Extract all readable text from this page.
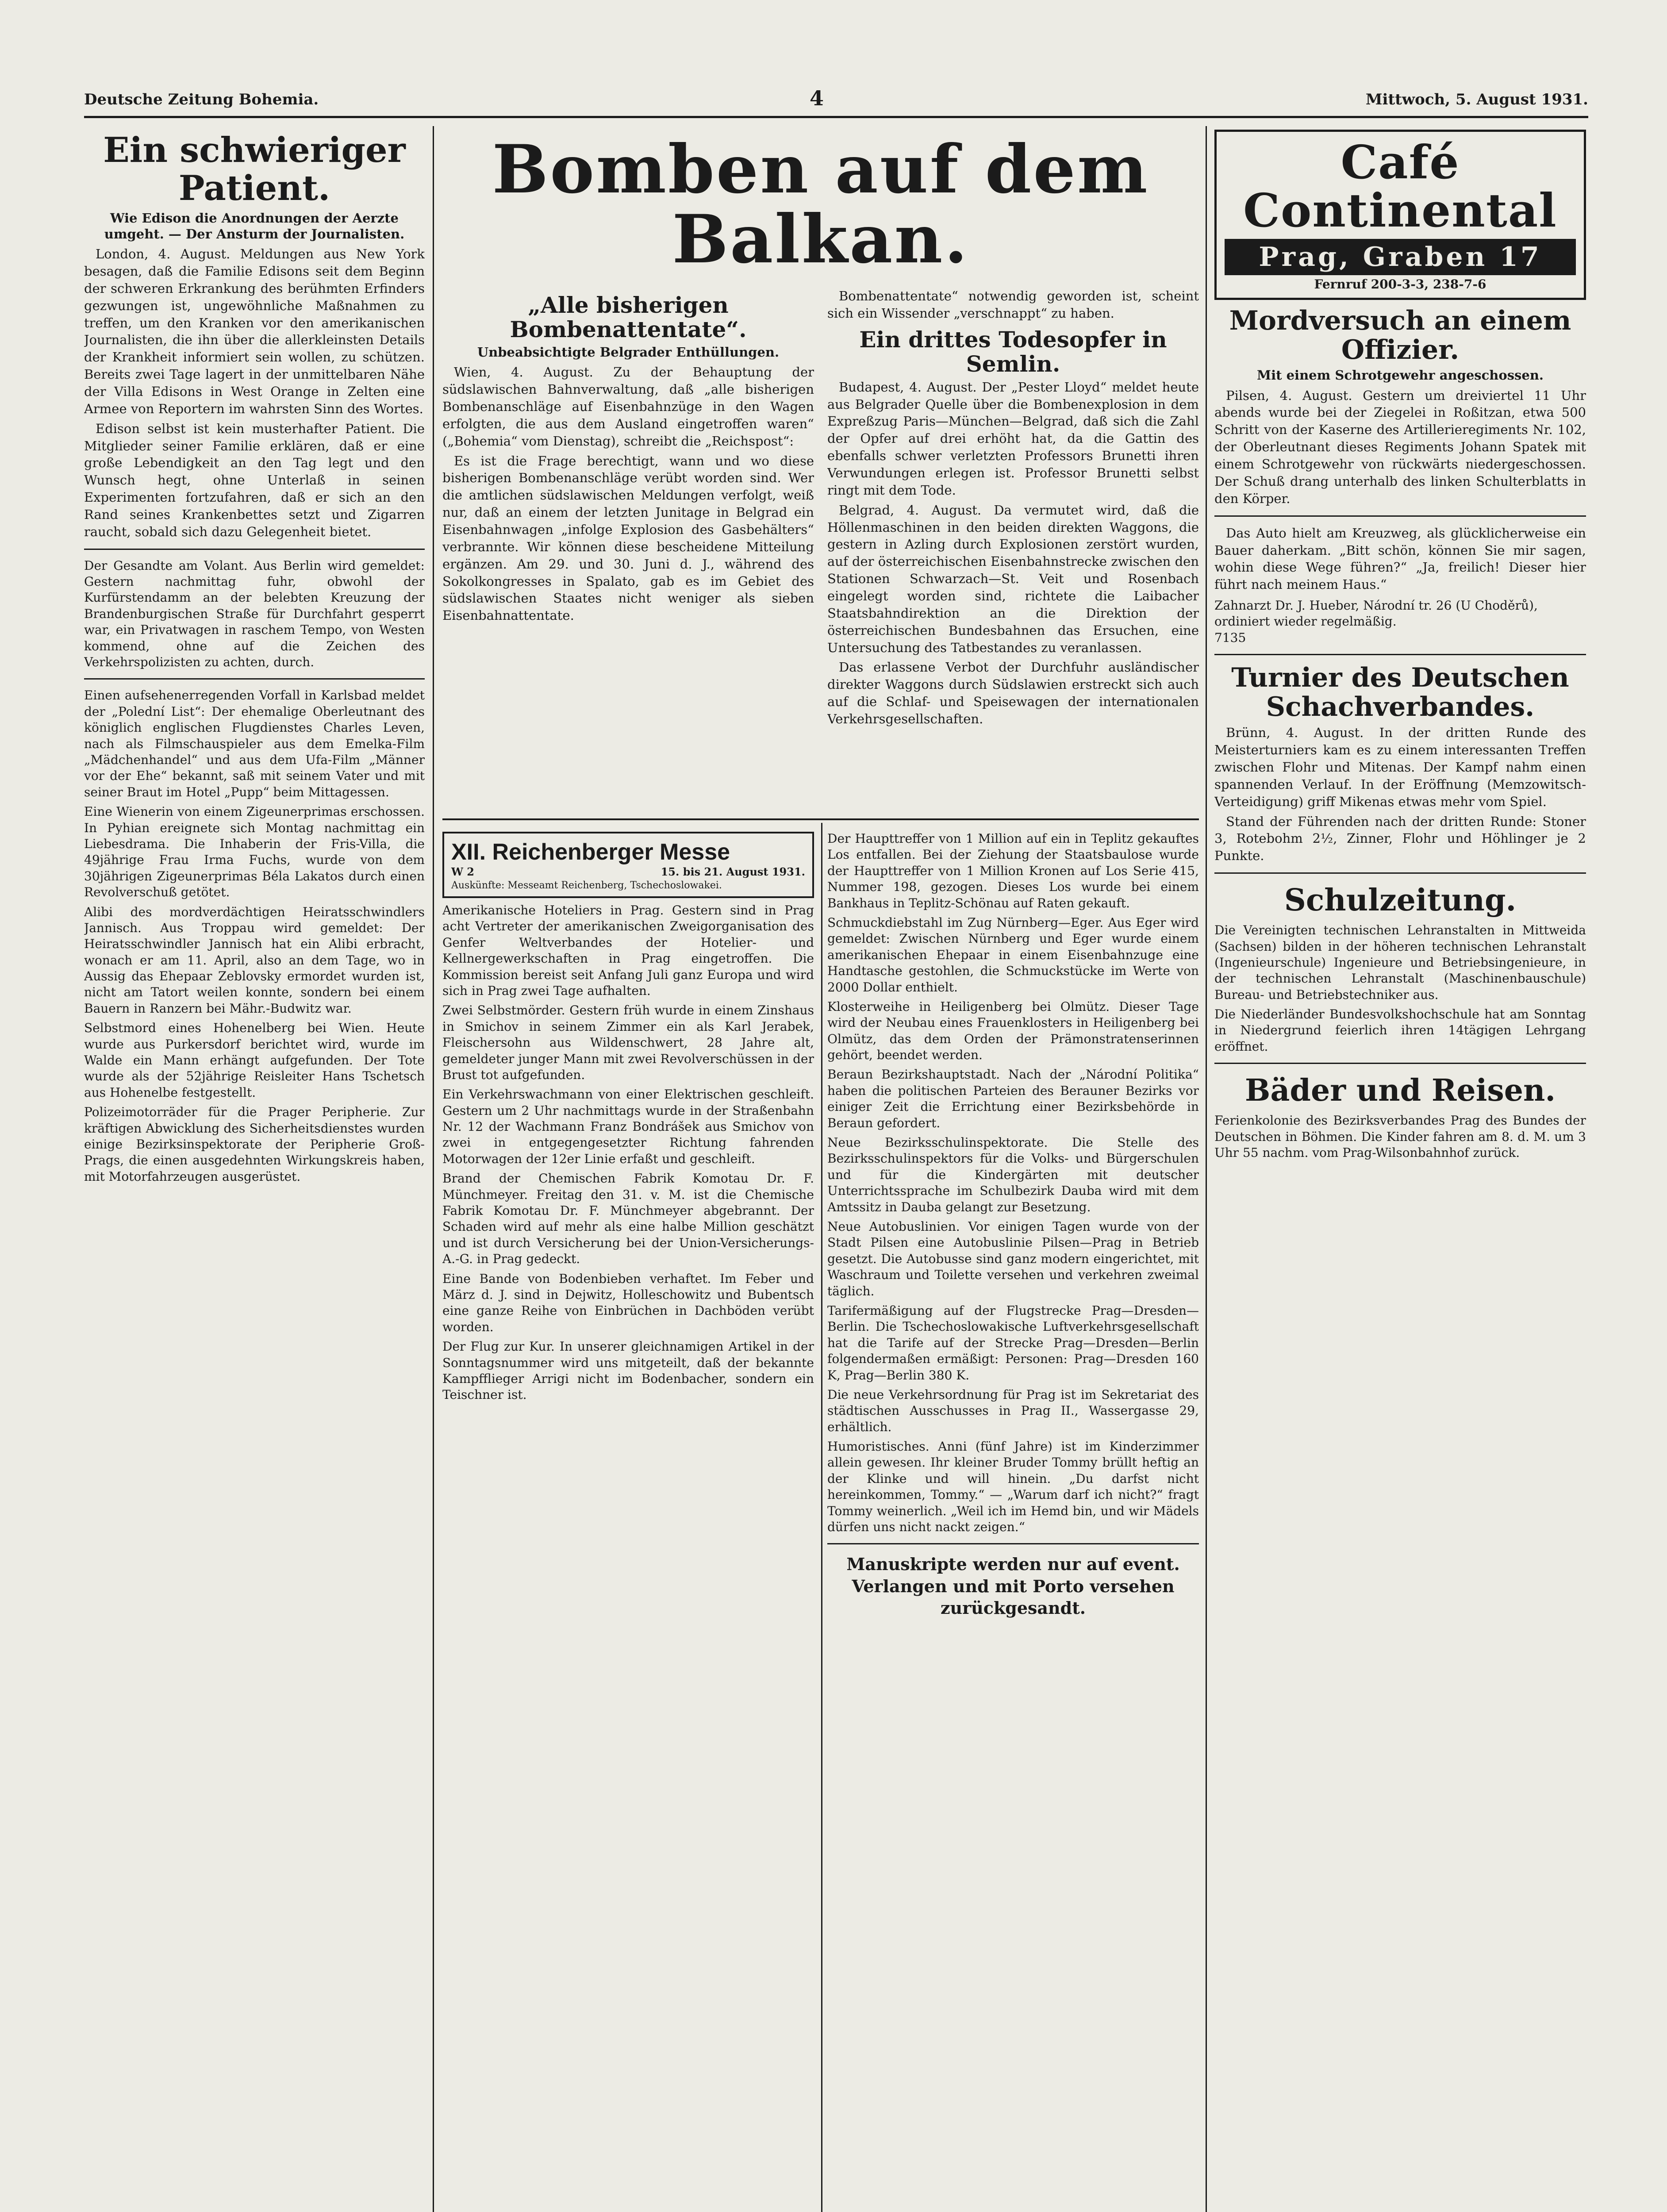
Deutsche Zeitung Bohemia.	4	Mittwoch, 5. August 1931.
Ein schwieriger Patient.
Wie Edison die Anordnungen der Aerzte umgeht. — Der Ansturm der Journalisten.

London, 4. August. Meldungen aus New York besagen, daß die Familie Edisons seit dem Beginn der schweren Erkrankung des berühmten Erfinders gezwungen ist, ungewöhnliche Maßnahmen zu treffen, um den Kranken vor den amerikanischen Journalisten, die ihn über die allerkleinsten Details der Krankheit informiert sein wollen, zu schützen. Bereits zwei Tage lagert in der unmittelbaren Nähe der Villa Edisons in West Orange in Zelten eine Armee von Reportern im wahrsten Sinn des Wortes.

Edison selbst ist kein musterhafter Patient. Die Mitglieder seiner Familie erklären, daß er eine große Lebendigkeit an den Tag legt und den Wunsch hegt, ohne Unterlaß in seinen Experimenten fortzufahren, daß er sich an den Rand seines Krankenbettes setzt und Zigarren raucht, sobald sich dazu Gelegenheit bietet.

Der Gesandte am Volant. Aus Berlin wird gemeldet: Gestern nachmittag fuhr, obwohl der Kurfürstendamm an der belebten Kreuzung der Brandenburgischen Straße für Durchfahrt gesperrt war, ein Privatwagen in raschem Tempo, von Westen kommend, ohne auf die Zeichen des Verkehrspolizisten zu achten, durch.

Einen aufsehenerregenden Vorfall in Karlsbad meldet der „Polední List“: Der ehemalige Oberleutnant des königlich englischen Flugdienstes Charles Leven, nach als Filmschauspieler aus dem Emelka-Film „Mädchenhandel“ und aus dem Ufa-Film „Männer vor der Ehe“ bekannt, saß mit seinem Vater und mit seiner Braut im Hotel „Pupp“ beim Mittagessen.

Eine Wienerin von einem Zigeunerprimas erschossen. In Pyhian ereignete sich Montag nachmittag ein Liebesdrama. Die Inhaberin der Fris-Villa, die 49jährige Frau Irma Fuchs, wurde von dem 30jährigen Zigeunerprimas Béla Lakatos durch einen Revolverschuß getötet.

Alibi des mordverdächtigen Heiratsschwindlers Jannisch. Aus Troppau wird gemeldet: Der Heiratsschwindler Jannisch hat ein Alibi erbracht, wonach er am 11. April, also an dem Tage, wo in Aussig das Ehepaar Zeblovsky ermordet wurden ist, nicht am Tatort weilen konnte, sondern bei einem Bauern in Ranzern bei Mähr.-Budwitz war.

Selbstmord eines Hohenelberg bei Wien. Heute wurde aus Purkersdorf berichtet wird, wurde im Walde ein Mann erhängt aufgefunden. Der Tote wurde als der 52jährige Reisleiter Hans Tschetsch aus Hohenelbe festgestellt.

Polizeimotorräder für die Prager Peripherie. Zur kräftigen Abwicklung des Sicherheitsdienstes wurden einige Bezirksinspektorate der Peripherie Groß-Prags, die einen ausgedehnten Wirkungskreis haben, mit Motorfahrzeugen ausgerüstet.

Bomben auf dem Balkan.
„Alle bisherigen Bombenattentate“.
Unbeabsichtigte Belgrader Enthüllungen.

Wien, 4. August. Zu der Behauptung der südslawischen Bahnverwaltung, daß „alle bisherigen Bombenanschläge auf Eisenbahnzüge in den Wagen erfolgten, die aus dem Ausland eingetroffen waren“ („Bohemia“ vom Dienstag), schreibt die „Reichspost“:

Es ist die Frage berechtigt, wann und wo diese bisherigen Bombenanschläge verübt worden sind. Wer die amtlichen südslawischen Meldungen verfolgt, weiß nur, daß an einem der letzten Junitage in Belgrad ein Eisenbahnwagen „infolge Explosion des Gasbehälters“ verbrannte. Wir können diese bescheidene Mitteilung ergänzen. Am 29. und 30. Juni d. J., während des Sokolkongresses in Spalato, gab es im Gebiet des südslawischen Staates nicht weniger als sieben Eisenbahnattentate.

Bombenattentate“ notwendig geworden ist, scheint sich ein Wissender „verschnappt“ zu haben.

Ein drittes Todesopfer in Semlin.

Budapest, 4. August. Der „Pester Lloyd“ meldet heute aus Belgrader Quelle über die Bombenexplosion in dem Expreßzug Paris—München—Belgrad, daß sich die Zahl der Opfer auf drei erhöht hat, da die Gattin des ebenfalls schwer verletzten Professors Brunetti ihren Verwundungen erlegen ist. Professor Brunetti selbst ringt mit dem Tode.

Belgrad, 4. August. Da vermutet wird, daß die Höllenmaschinen in den beiden direkten Waggons, die gestern in Azling durch Explosionen zerstört wurden, auf der österreichischen Eisenbahnstrecke zwischen den Stationen Schwarzach—St. Veit und Rosenbach eingelegt worden sind, richtete die Laibacher Staatsbahndirektion an die Direktion der österreichischen Bundesbahnen das Ersuchen, eine Untersuchung des Tatbestandes zu veranlassen.

Das erlassene Verbot der Durchfuhr ausländischer direkter Waggons durch Südslawien erstreckt sich auch auf die Schlaf- und Speisewagen der internationalen Verkehrsgesellschaften.

XII. Reichenberger Messe
W 2	15. bis 21. August 1931.
Auskünfte: Messeamt Reichenberg, Tschechoslowakei.

Amerikanische Hoteliers in Prag. Gestern sind in Prag acht Vertreter der amerikanischen Zweigorganisation des Genfer Weltverbandes der Hotelier- und Kellnergewerkschaften in Prag eingetroffen. Die Kommission bereist seit Anfang Juli ganz Europa und wird sich in Prag zwei Tage aufhalten.

Zwei Selbstmörder. Gestern früh wurde in einem Zinshaus in Smichov in seinem Zimmer ein als Karl Jerabek, Fleischersohn aus Wildenschwert, 28 Jahre alt, gemeldeter junger Mann mit zwei Revolverschüssen in der Brust tot aufgefunden.

Ein Verkehrswachmann von einer Elektrischen geschleift. Gestern um 2 Uhr nachmittags wurde in der Straßenbahn Nr. 12 der Wachmann Franz Bondrášek aus Smichov von zwei in entgegengesetzter Richtung fahrenden Motorwagen der 12er Linie erfaßt und geschleift.

Brand der Chemischen Fabrik Komotau Dr. F. Münchmeyer. Freitag den 31. v. M. ist die Chemische Fabrik Komotau Dr. F. Münchmeyer abgebrannt. Der Schaden wird auf mehr als eine halbe Million geschätzt und ist durch Versicherung bei der Union-Versicherungs-A.-G. in Prag gedeckt.

Eine Bande von Bodenbieben verhaftet. Im Feber und März d. J. sind in Dejwitz, Holleschowitz und Bubentsch eine ganze Reihe von Einbrüchen in Dachböden verübt worden.

Der Flug zur Kur. In unserer gleichnamigen Artikel in der Sonntagsnummer wird uns mitgeteilt, daß der bekannte Kampfflieger Arrigi nicht im Bodenbacher, sondern ein Teischner ist.

Der Haupttreffer von 1 Million auf ein in Teplitz gekauftes Los entfallen. Bei der Ziehung der Staatsbaulose wurde der Haupttreffer von 1 Million Kronen auf Los Serie 415, Nummer 198, gezogen. Dieses Los wurde bei einem Bankhaus in Teplitz-Schönau auf Raten gekauft.

Schmuckdiebstahl im Zug Nürnberg—Eger. Aus Eger wird gemeldet: Zwischen Nürnberg und Eger wurde einem amerikanischen Ehepaar in einem Eisenbahnzuge eine Handtasche gestohlen, die Schmuckstücke im Werte von 2000 Dollar enthielt.

Klosterweihe in Heiligenberg bei Olmütz. Dieser Tage wird der Neubau eines Frauenklosters in Heiligenberg bei Olmütz, das dem Orden der Prämonstratenserinnen gehört, beendet werden.

Beraun Bezirkshauptstadt. Nach der „Národní Politika“ haben die politischen Parteien des Berauner Bezirks vor einiger Zeit die Errichtung einer Bezirksbehörde in Beraun gefordert.

Neue Bezirksschulinspektorate. Die Stelle des Bezirksschulinspektors für die Volks- und Bürgerschulen und für die Kindergärten mit deutscher Unterrichtssprache im Schulbezirk Dauba wird mit dem Amtssitz in Dauba gelangt zur Besetzung.

Neue Autobuslinien. Vor einigen Tagen wurde von der Stadt Pilsen eine Autobuslinie Pilsen—Prag in Betrieb gesetzt. Die Autobusse sind ganz modern eingerichtet, mit Waschraum und Toilette versehen und verkehren zweimal täglich.

Tarifermäßigung auf der Flugstrecke Prag—Dresden—Berlin. Die Tschechoslowakische Luftverkehrsgesellschaft hat die Tarife auf der Strecke Prag—Dresden—Berlin folgendermaßen ermäßigt: Personen: Prag—Dresden 160 K, Prag—Berlin 380 K.

Die neue Verkehrsordnung für Prag ist im Sekretariat des städtischen Ausschusses in Prag II., Wassergasse 29, erhältlich.

Humoristisches. Anni (fünf Jahre) ist im Kinderzimmer allein gewesen. Ihr kleiner Bruder Tommy brüllt heftig an der Klinke und will hinein. „Du darfst nicht hereinkommen, Tommy.“ — „Warum darf ich nicht?“ fragt Tommy weinerlich. „Weil ich im Hemd bin, und wir Mädels dürfen uns nicht nackt zeigen.“

Manuskripte werden nur auf event. Verlangen und mit Porto versehen zurückgesandt.
Café Continental
Prag, Graben 17
Fernruf 200-3-3, 238-7-6
Mordversuch an einem Offizier.
Mit einem Schrotgewehr angeschossen.

Pilsen, 4. August. Gestern um dreiviertel 11 Uhr abends wurde bei der Ziegelei in Roßitzan, etwa 500 Schritt von der Kaserne des Artillerieregiments Nr. 102, der Oberleutnant dieses Regiments Johann Spatek mit einem Schrotgewehr von rückwärts niedergeschossen. Der Schuß drang unterhalb des linken Schulterblatts in den Körper.

Das Auto hielt am Kreuzweg, als glücklicherweise ein Bauer daherkam. „Bitt schön, können Sie mir sagen, wohin diese Wege führen?“ „Ja, freilich! Dieser hier führt nach meinem Haus.“

Zahnarzt Dr. J. Hueber, Národní tr. 26 (U Choděrů), ordiniert wieder regelmäßig.
7135
Turnier des Deutschen Schachverbandes.

Brünn, 4. August. In der dritten Runde des Meisterturniers kam es zu einem interessanten Treffen zwischen Flohr und Mitenas. Der Kampf nahm einen spannenden Verlauf. In der Eröffnung (Memzowitsch-Verteidigung) griff Mikenas etwas mehr vom Spiel.

Stand der Führenden nach der dritten Runde: Stoner 3, Rotebohm 2½, Zinner, Flohr und Höhlinger je 2 Punkte.

Schulzeitung.

Die Vereinigten technischen Lehranstalten in Mittweida (Sachsen) bilden in der höheren technischen Lehranstalt (Ingenieurschule) Ingenieure und Betriebsingenieure, in der technischen Lehranstalt (Maschinenbauschule) Bureau- und Betriebstechniker aus.

Die Niederländer Bundesvolkshochschule hat am Sonntag in Niedergrund feierlich ihren 14tägigen Lehrgang eröffnet.

Bäder und Reisen.

Ferienkolonie des Bezirksverbandes Prag des Bundes der Deutschen in Böhmen. Die Kinder fahren am 8. d. M. um 3 Uhr 55 nachm. vom Prag-Wilsonbahnhof zurück.
